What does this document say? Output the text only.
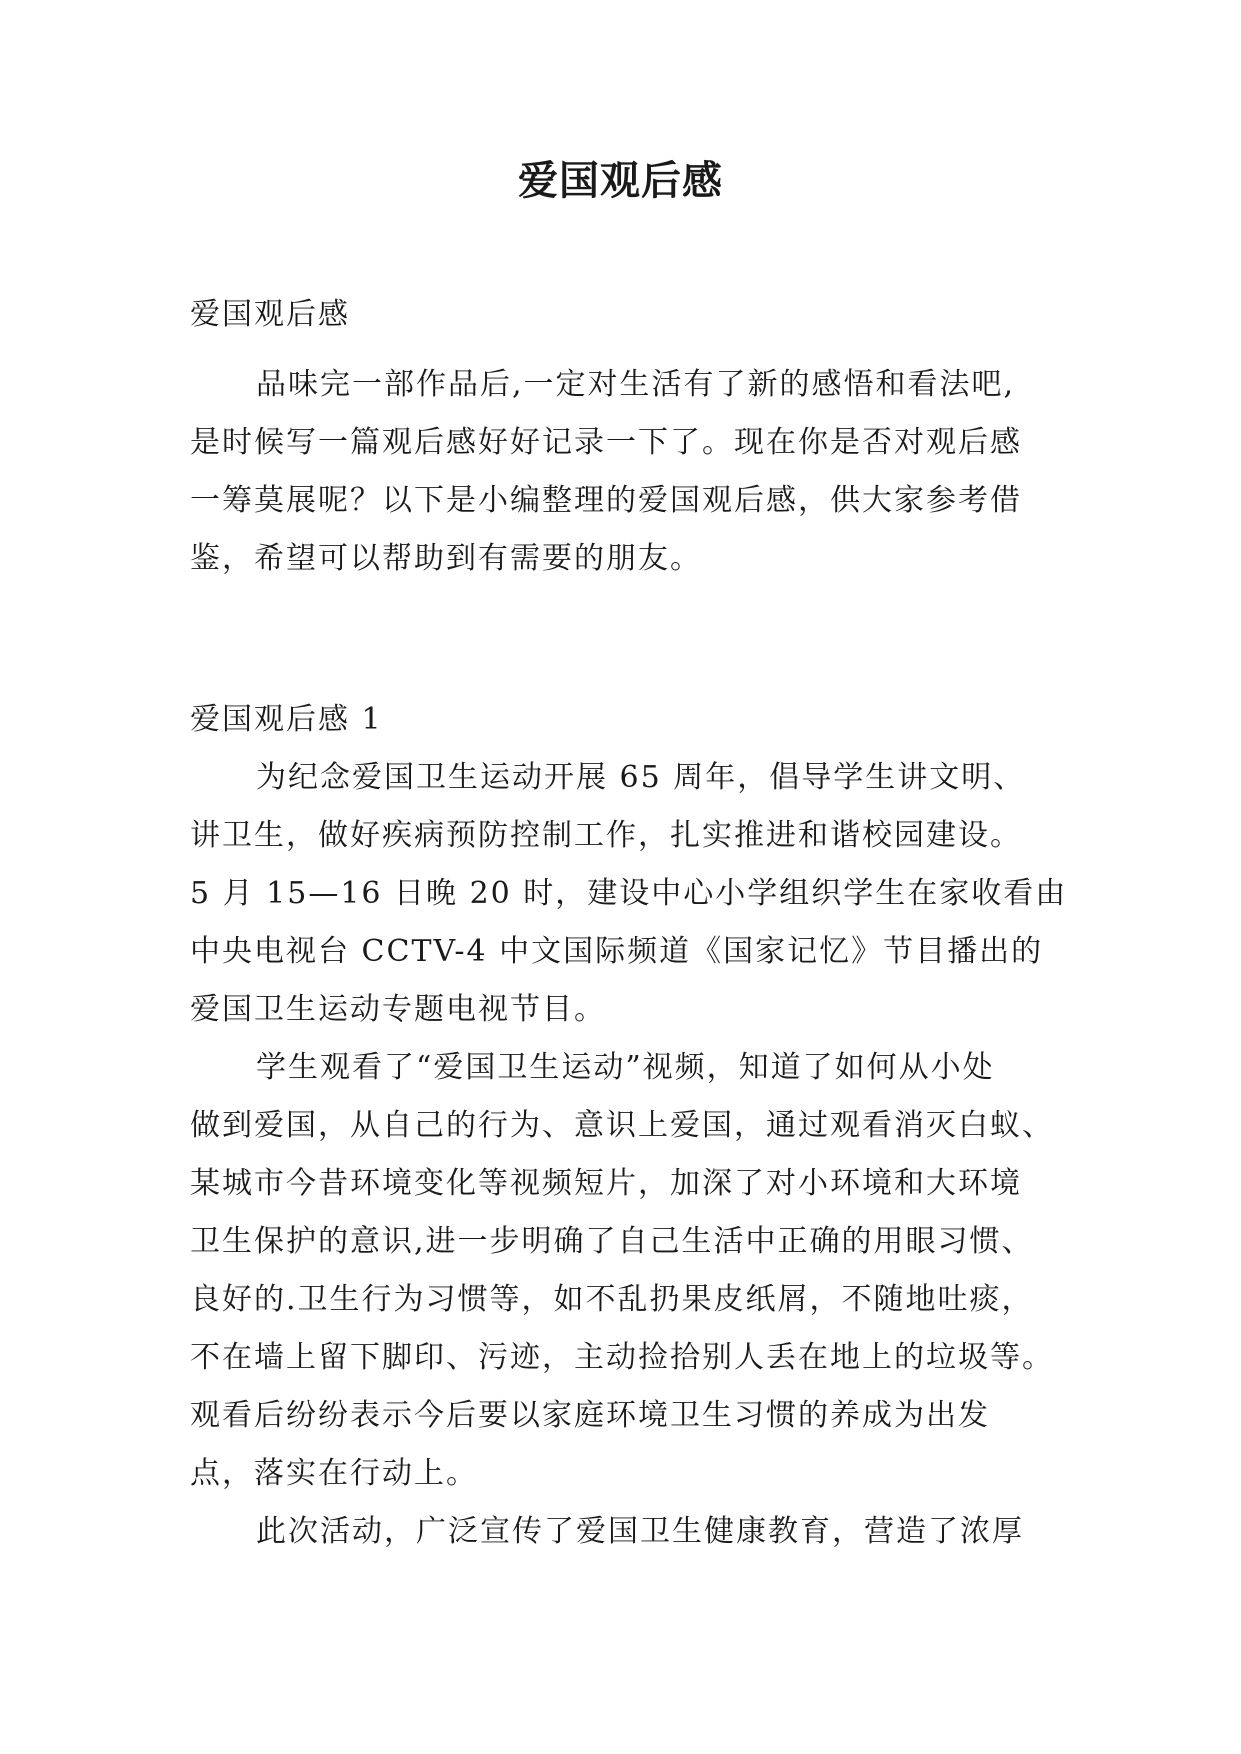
爱国观后感

爱国观后感

品味完一部作品后,一定对生活有了新的感悟和看法吧,
是时候写一篇观后感好好记录一下了。现在你是否对观后感
一筹莫展呢？以下是小编整理的爱国观后感，供大家参考借
鉴，希望可以帮助到有需要的朋友。

爱国观后感 1

为纪念爱国卫生运动开展 65 周年，倡导学生讲文明、
讲卫生，做好疾病预防控制工作，扎实推进和谐校园建设。
5 月 15—16 日晚 20 时，建设中心小学组织学生在家收看由
中央电视台 CCTV-4 中文国际频道《国家记忆》节目播出的
爱国卫生运动专题电视节目。

学生观看了“爱国卫生运动”视频，知道了如何从小处
做到爱国，从自己的行为、意识上爱国，通过观看消灭白蚁、
某城市今昔环境变化等视频短片，加深了对小环境和大环境
卫生保护的意识,进一步明确了自己生活中正确的用眼习惯、
良好的.卫生行为习惯等，如不乱扔果皮纸屑，不随地吐痰，
不在墙上留下脚印、污迹，主动捡拾别人丢在地上的垃圾等。
观看后纷纷表示今后要以家庭环境卫生习惯的养成为出发
点，落实在行动上。

此次活动，广泛宣传了爱国卫生健康教育，营造了浓厚
